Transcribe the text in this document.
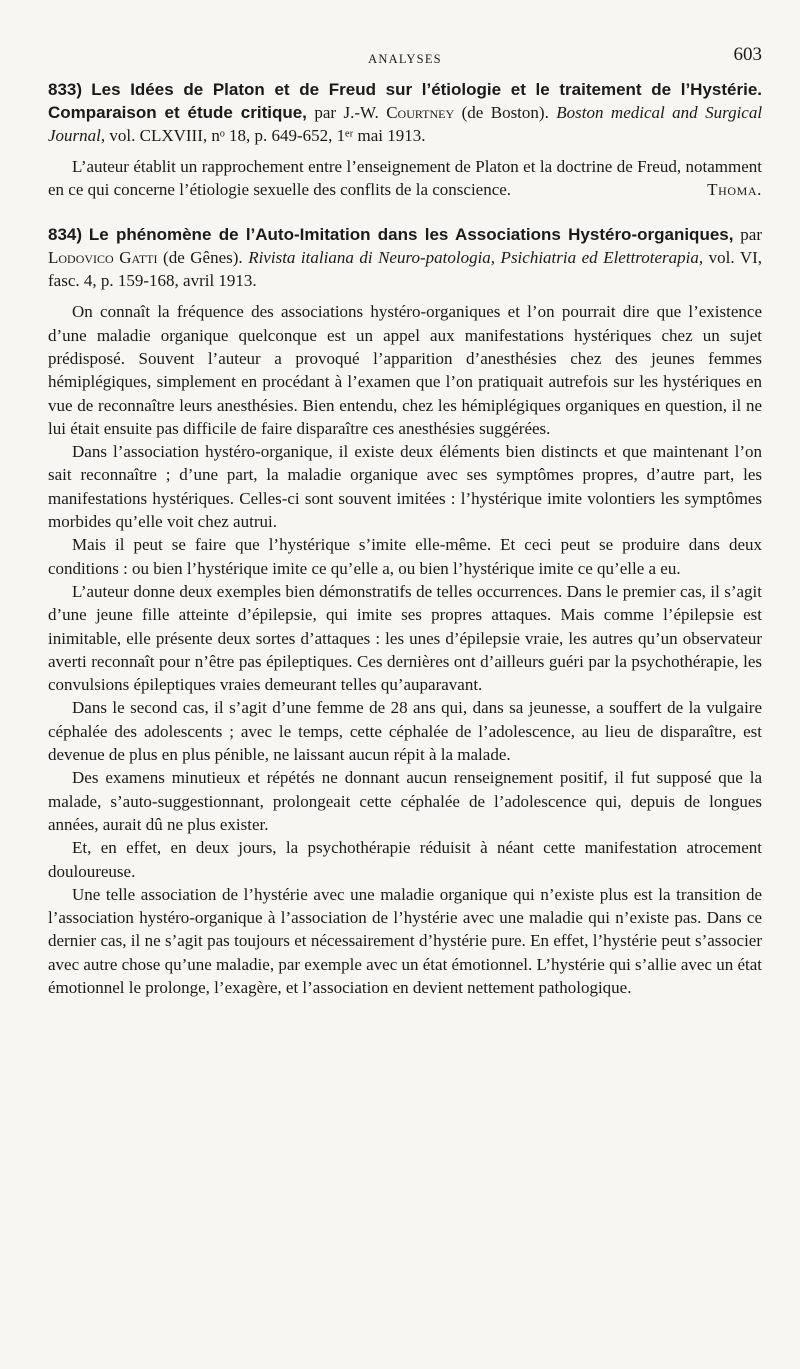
ANALYSES	603

833) Les Idées de Platon et de Freud sur l’étiologie et le traitement de l’Hystérie. Comparaison et étude critique, par J.-W. Courtney (de Boston). Boston medical and Surgical Journal, vol. CLXVIII, nᵒ 18, p. 649-652, 1ᵉʳ mai 1913.

L’auteur établit un rapprochement entre l’enseignement de Platon et la doctrine de Freud, notamment en ce qui concerne l’étiologie sexuelle des conflits de la conscience.	Thoma.

834) Le phénomène de l’Auto-Imitation dans les Associations Hystéro-organiques, par Lodovico Gatti (de Gênes). Rivista italiana di Neuro-patologia, Psichiatria ed Elettroterapia, vol. VI, fasc. 4, p. 159-168, avril 1913.

On connaît la fréquence des associations hystéro-organiques et l’on pourrait dire que l’existence d’une maladie organique quelconque est un appel aux manifestations hystériques chez un sujet prédisposé. Souvent l’auteur a provoqué l’apparition d’anesthésies chez des jeunes femmes hémiplégiques, simplement en procédant à l’examen que l’on pratiquait autrefois sur les hystériques en vue de reconnaître leurs anesthésies. Bien entendu, chez les hémiplégiques organiques en question, il ne lui était ensuite pas difficile de faire disparaître ces anesthésies suggérées.

Dans l’association hystéro-organique, il existe deux éléments bien distincts et que maintenant l’on sait reconnaître ; d’une part, la maladie organique avec ses symptômes propres, d’autre part, les manifestations hystériques. Celles-ci sont souvent imitées : l’hystérique imite volontiers les symptômes morbides qu’elle voit chez autrui.

Mais il peut se faire que l’hystérique s’imite elle-même. Et ceci peut se produire dans deux conditions : ou bien l’hystérique imite ce qu’elle a, ou bien l’hystérique imite ce qu’elle a eu.

L’auteur donne deux exemples bien démonstratifs de telles occurrences. Dans le premier cas, il s’agit d’une jeune fille atteinte d’épilepsie, qui imite ses propres attaques. Mais comme l’épilepsie est inimitable, elle présente deux sortes d’attaques : les unes d’épilepsie vraie, les autres qu’un observateur averti reconnaît pour n’être pas épileptiques. Ces dernières ont d’ailleurs guéri par la psychothérapie, les convulsions épileptiques vraies demeurant telles qu’auparavant.

Dans le second cas, il s’agit d’une femme de 28 ans qui, dans sa jeunesse, a souffert de la vulgaire céphalée des adolescents ; avec le temps, cette céphalée de l’adolescence, au lieu de disparaître, est devenue de plus en plus pénible, ne laissant aucun répit à la malade.

Des examens minutieux et répétés ne donnant aucun renseignement positif, il fut supposé que la malade, s’auto-suggestionnant, prolongeait cette céphalée de l’adolescence qui, depuis de longues années, aurait dû ne plus exister.

Et, en effet, en deux jours, la psychothérapie réduisit à néant cette manifestation atrocement douloureuse.

Une telle association de l’hystérie avec une maladie organique qui n’existe plus est la transition de l’association hystéro-organique à l’association de l’hystérie avec une maladie qui n’existe pas. Dans ce dernier cas, il ne s’agit pas toujours et nécessairement d’hystérie pure. En effet, l’hystérie peut s’associer avec autre chose qu’une maladie, par exemple avec un état émotionnel. L’hystérie qui s’allie avec un état émotionnel le prolonge, l’exagère, et l’association en devient nettement pathologique.
